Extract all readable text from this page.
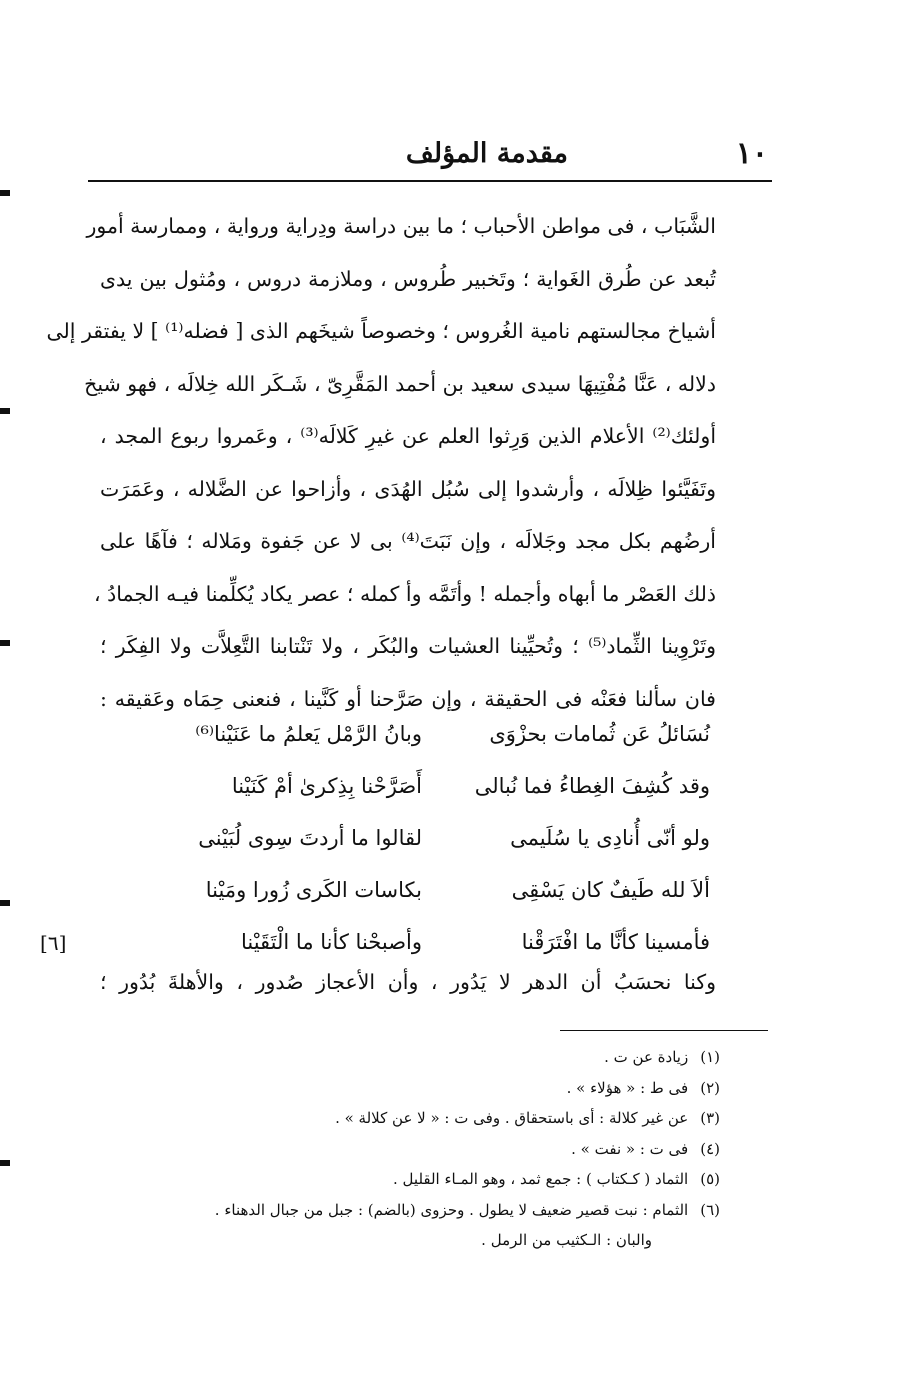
١٠
مقدمة المؤلف
الشَّبَاب ، فى مواطن الأحباب ؛ ما بين دراسة ودِراية ورواية ، وممارسة أمور
تُبعد عن طُرق الغَواية ؛ وتَخبير طُروس ، وملازمة دروس ، ومُثول بين يدى
أشياخ مجالستهم نامية الغُروس ؛ وخصوصاً شيخَهم الذى [ فضله⁽¹⁾ ] لا يفتقر إلى
دلاله ، عَنَّا مُفْتِيهَا سيدى سعيد بن أحمد المَقَّرِىّ ، شَـكَر الله خِلالَه ، فهو شيخ
أولئك⁽²⁾ الأعلام الذين وَرِثوا العلم عن غيرِ كَلالَه⁽³⁾ ، وعَمروا ربوع المجد ،
وتَفَيَّئوا ظِلالَه ، وأرشدوا إلى سُبُل الهُدَى ، وأزاحوا عن الضَّلاله ، وعَمَرَت
أرضُهم بكل مجد وجَلالَه ، وإن نَبَتَ⁽⁴⁾ بى لا عن جَفوة ومَلاله ؛ فآهًا على
ذلك العَصْر ما أبهاه وأجمله ! وأتَمَّه وأ كمله ؛ عصر يكاد يُكلِّمنا فيـه الجمادُ ،
وتَرْوِينا الثِّماد⁽⁵⁾ ؛ وتُحيِّينا العشيات والبُكَر ، ولا تَنْتابنا التَّعِلاَّت ولا الفِكَر ؛
فان سألنا فعَنْه فى الحقيقة ، وإن صَرَّحنا أو كَنَّينا ، فنعنى حِمَاه وعَقيقه :
نُسَائلُ عَن ثُمامات بحزْوَى
وبانُ الرَّمْل يَعلمُ ما عَنَيْنا⁽⁶⁾
وقد كُشِفَ الغِطاءُ فما نُبالى
أَصَرَّحْنا بِذِكرىٰ أمْ كَنَيْنا
ولو أنّى أُنادِى يا سُلَيمى
لقالوا ما أردتَ سِوى لُبَيْنى
ألاَ لله طَيفٌ كان يَسْقِى
بكاسات الكَرى زُورا ومَيْنا
فأمسينا كأنَّا ما افْتَرَقْنا
وأصبحْنا كأنا ما الْتَقَيْنا
[٦]
وكنا نحسَبُ أن الدهر لا يَدُور ، وأن الأعجاز صُدور ، والأهلةَ بُدُور ؛
(١)زيادة عن ت .
(٢)فى ط : « هؤلاء » .
(٣)عن غير كلالة : أى باستحقاق . وفى ت : « لا عن كلالة » .
(٤)فى ت : « نفت » .
(٥)الثماد ( كـكتاب ) : جمع ثمد ، وهو المـاء القليل .
(٦)الثمام : نبت قصير ضعيف لا يطول . وحزوى (بالضم) : جبل من جبال الدهناء .
والبان : الـكثيب من الرمل .
